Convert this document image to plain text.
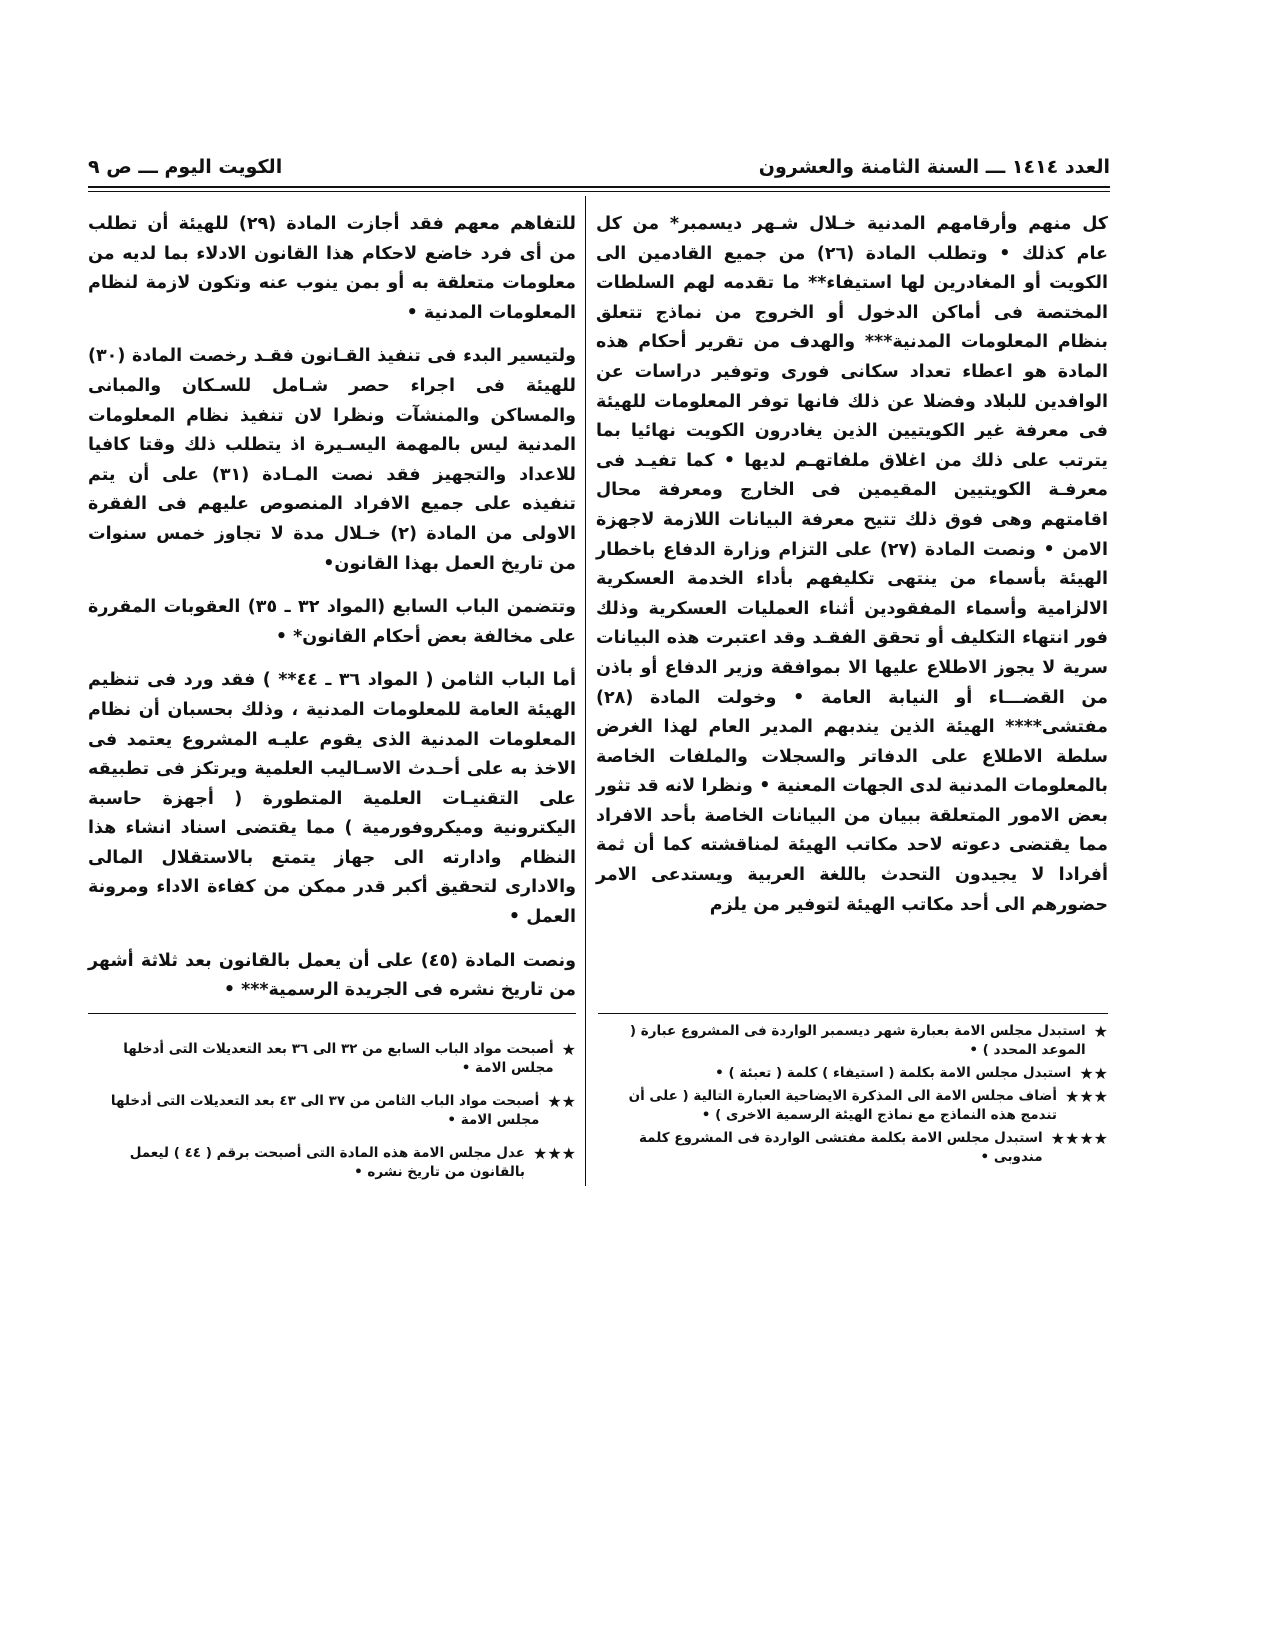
العدد ١٤١٤ ـــ السنة الثامنة والعشرون
الكويت اليوم ـــ ص ٩

كل منهم وأرقامهم المدنية خـلال شـهر ديسمبر* من كل عام كذلك • وتطلب المادة (٢٦) من جميع القادمين الى الكويت أو المغادرين لها استيفاء** ما تقدمه لهم السلطات المختصة فى أماكن الدخول أو الخروج من نماذج تتعلق بنظام المعلومات المدنية*** والهدف من تقرير أحكام هذه المادة هو اعطاء تعداد سكانى فورى وتوفير دراسات عن الوافدين للبلاد وفضلا عن ذلك فانها توفر المعلومات للهيئة فى معرفة غير الكويتيين الذين يغادرون الكويت نهائيا بما يترتب على ذلك من اغلاق ملفاتهـم لديها • كما تفيـد فى معرفـة الكويتيين المقيمين فى الخارج ومعرفة محال اقامتهم وهى فوق ذلك تتيح معرفة البيانات اللازمة لاجهزة الامن • ونصت المادة (٢٧) على التزام وزارة الدفاع باخطار الهيئة بأسماء من ينتهى تكليفهم بأداء الخدمة العسكرية الالزامية وأسماء المفقودين أثناء العمليات العسكرية وذلك فور انتهاء التكليف أو تحقق الفقـد وقد اعتبرت هذه البيانات سرية لا يجوز الاطلاع عليها الا بموافقة وزير الدفاع أو باذن من القضـــاء أو النيابة العامة • وخولت المادة (٢٨) مفتشى**** الهيئة الذين يندبهم المدير العام لهذا الغرض سلطة الاطلاع على الدفاتر والسجلات والملفات الخاصة بالمعلومات المدنية لدى الجهات المعنية • ونظرا لانه قد تثور بعض الامور المتعلقة ببيان من البيانات الخاصة بأحد الافراد مما يقتضى دعوته لاحد مكاتب الهيئة لمناقشته كما أن ثمة أفرادا لا يجيدون التحدث باللغة العربية ويستدعى الامر حضورهم الى أحد مكاتب الهيئة لتوفير من يلزم

للتفاهم معهم فقد أجازت المادة (٢٩) للهيئة أن تطلب من أى فرد خاضع لاحكام هذا القانون الادلاء بما لديه من معلومات متعلقة به أو بمن ينوب عنه وتكون لازمة لنظام المعلومات المدنية •

ولتيسير البدء فى تنفيذ القـانون فقـد رخصت المادة (٣٠) للهيئة فى اجراء حصر شـامل للسـكان والمبانى والمساكن والمنشآت ونظرا لان تنفيذ نظام المعلومات المدنية ليس بالمهمة اليسـيرة اذ يتطلب ذلك وقتا كافيا للاعداد والتجهيز فقد نصت المـادة (٣١) على أن يتم تنفيذه على جميع الافراد المنصوص عليهم فى الفقرة الاولى من المادة (٢) خـلال مدة لا تجاوز خمس سنوات من تاريخ العمل بهذا القانون•

وتتضمن الباب السابع (المواد ٣٢ ـ ٣٥) العقوبات المقررة على مخالفة بعض أحكام القانون* •

أما الباب الثامن ( المواد ٣٦ ـ ٤٤** ) فقد ورد فى تنظيم الهيئة العامة للمعلومات المدنية ، وذلك بحسبان أن نظام المعلومات المدنية الذى يقوم عليـه المشروع يعتمد فى الاخذ به على أحـدث الاسـاليب العلمية ويرتكز فى تطبيقه على التقنيـات العلمية المتطورة ( أجهزة حاسبة اليكترونية وميكروفورمية ) مما يقتضى اسناد انشاء هذا النظام وادارته الى جهاز يتمتع بالاستقلال المالى والادارى لتحقيق أكبر قدر ممكن من كفاءة الاداء ومرونة العمل •

ونصت المادة (٤٥) على أن يعمل بالقانون بعد ثلاثة أشهر من تاريخ نشره فى الجريدة الرسمية*** •

★
استبدل مجلس الامة بعبارة شهر ديسمبر الواردة فى المشروع عبارة ( الموعد المحدد ) •
★★
استبدل مجلس الامة بكلمة ( استيفاء ) كلمة ( تعبئة ) •
★★★
أضاف مجلس الامة الى المذكرة الايضاحية العبارة التالية ( على أن تندمج هذه النماذج مع نماذج الهيئة الرسمية الاخرى ) •
★★★★
استبدل مجلس الامة بكلمة مفتشى الواردة فى المشروع كلمة مندوبى •
★
أصبحت مواد الباب السابع من ٣٢ الى ٣٦ بعد التعديلات التى أدخلها مجلس الامة •
★★
أصبحت مواد الباب الثامن من ٣٧ الى ٤٣ بعد التعديلات التى أدخلها مجلس الامة •
★★★
عدل مجلس الامة هذه المادة التى أصبحت برقم ( ٤٤ ) ليعمل بالقانون من تاريخ نشره •
